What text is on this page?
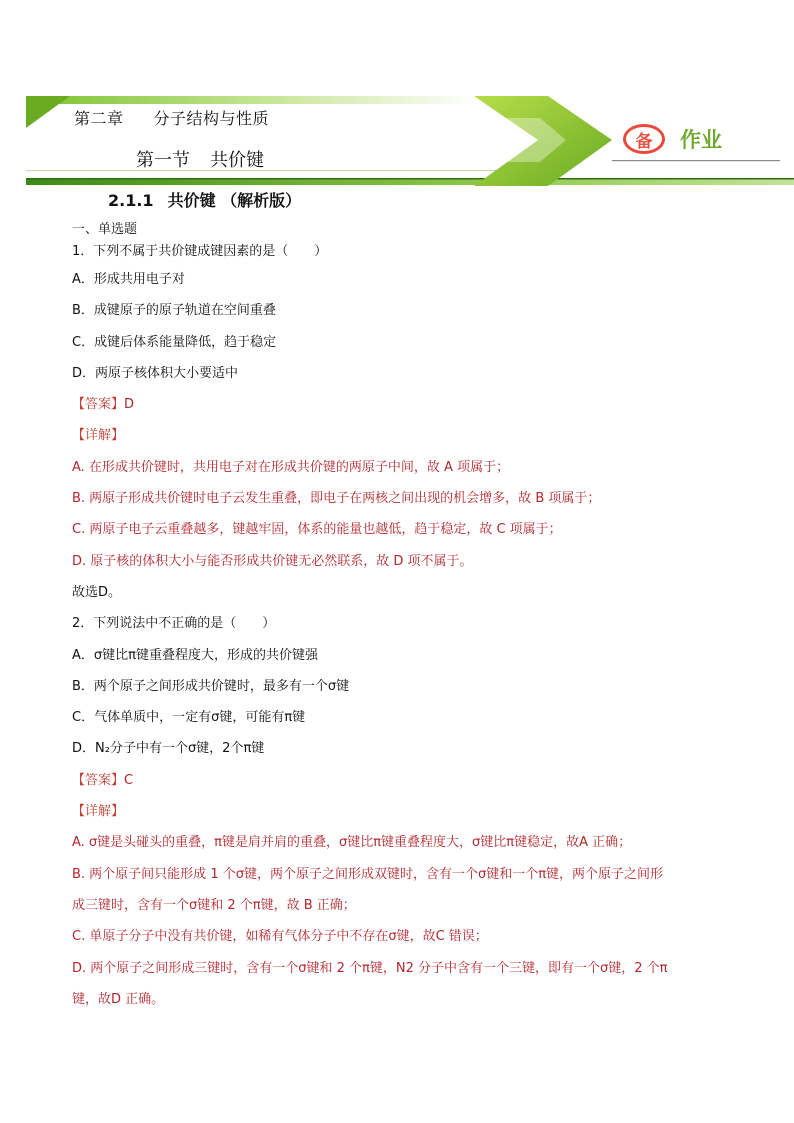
第二章 分子结构与性质
第一节 共价键
备 作业
2.1.1 共价键 （解析版）
一、单选题
1．下列不属于共价键成键因素的是（　　）
A．形成共用电子对
B．成键原子的原子轨道在空间重叠
C．成键后体系能量降低，趋于稳定
D．两原子核体积大小要适中
【答案】D
【详解】
A. 在形成共价键时，共用电子对在形成共价键的两原子中间，故 A 项属于；
B. 两原子形成共价键时电子云发生重叠，即电子在两核之间出现的机会增多，故 B 项属于；
C. 两原子电子云重叠越多，键越牢固，体系的能量也越低，趋于稳定，故 C 项属于；
D. 原子核的体积大小与能否形成共价键无必然联系，故 D 项不属于。
故选D。
2．下列说法中不正确的是（　　）
A．σ键比π键重叠程度大，形成的共价键强
B．两个原子之间形成共价键时，最多有一个σ键
C．气体单质中，一定有σ键，可能有π键
D．N₂分子中有一个σ键，2个π键
【答案】C
【详解】
A. σ键是头碰头的重叠，π键是肩并肩的重叠，σ键比π键重叠程度大，σ键比π键稳定，故A 正确；
B. 两个原子间只能形成 1 个σ键，两个原子之间形成双键时，含有一个σ键和一个π键，两个原子之间形
成三键时，含有一个σ键和 2 个π键，故 B 正确；
C. 单原子分子中没有共价键，如稀有气体分子中不存在σ键，故C 错误；
D. 两个原子之间形成三键时，含有一个σ键和 2 个π键，N2 分子中含有一个三键，即有一个σ键，2 个π
键，故D 正确。
